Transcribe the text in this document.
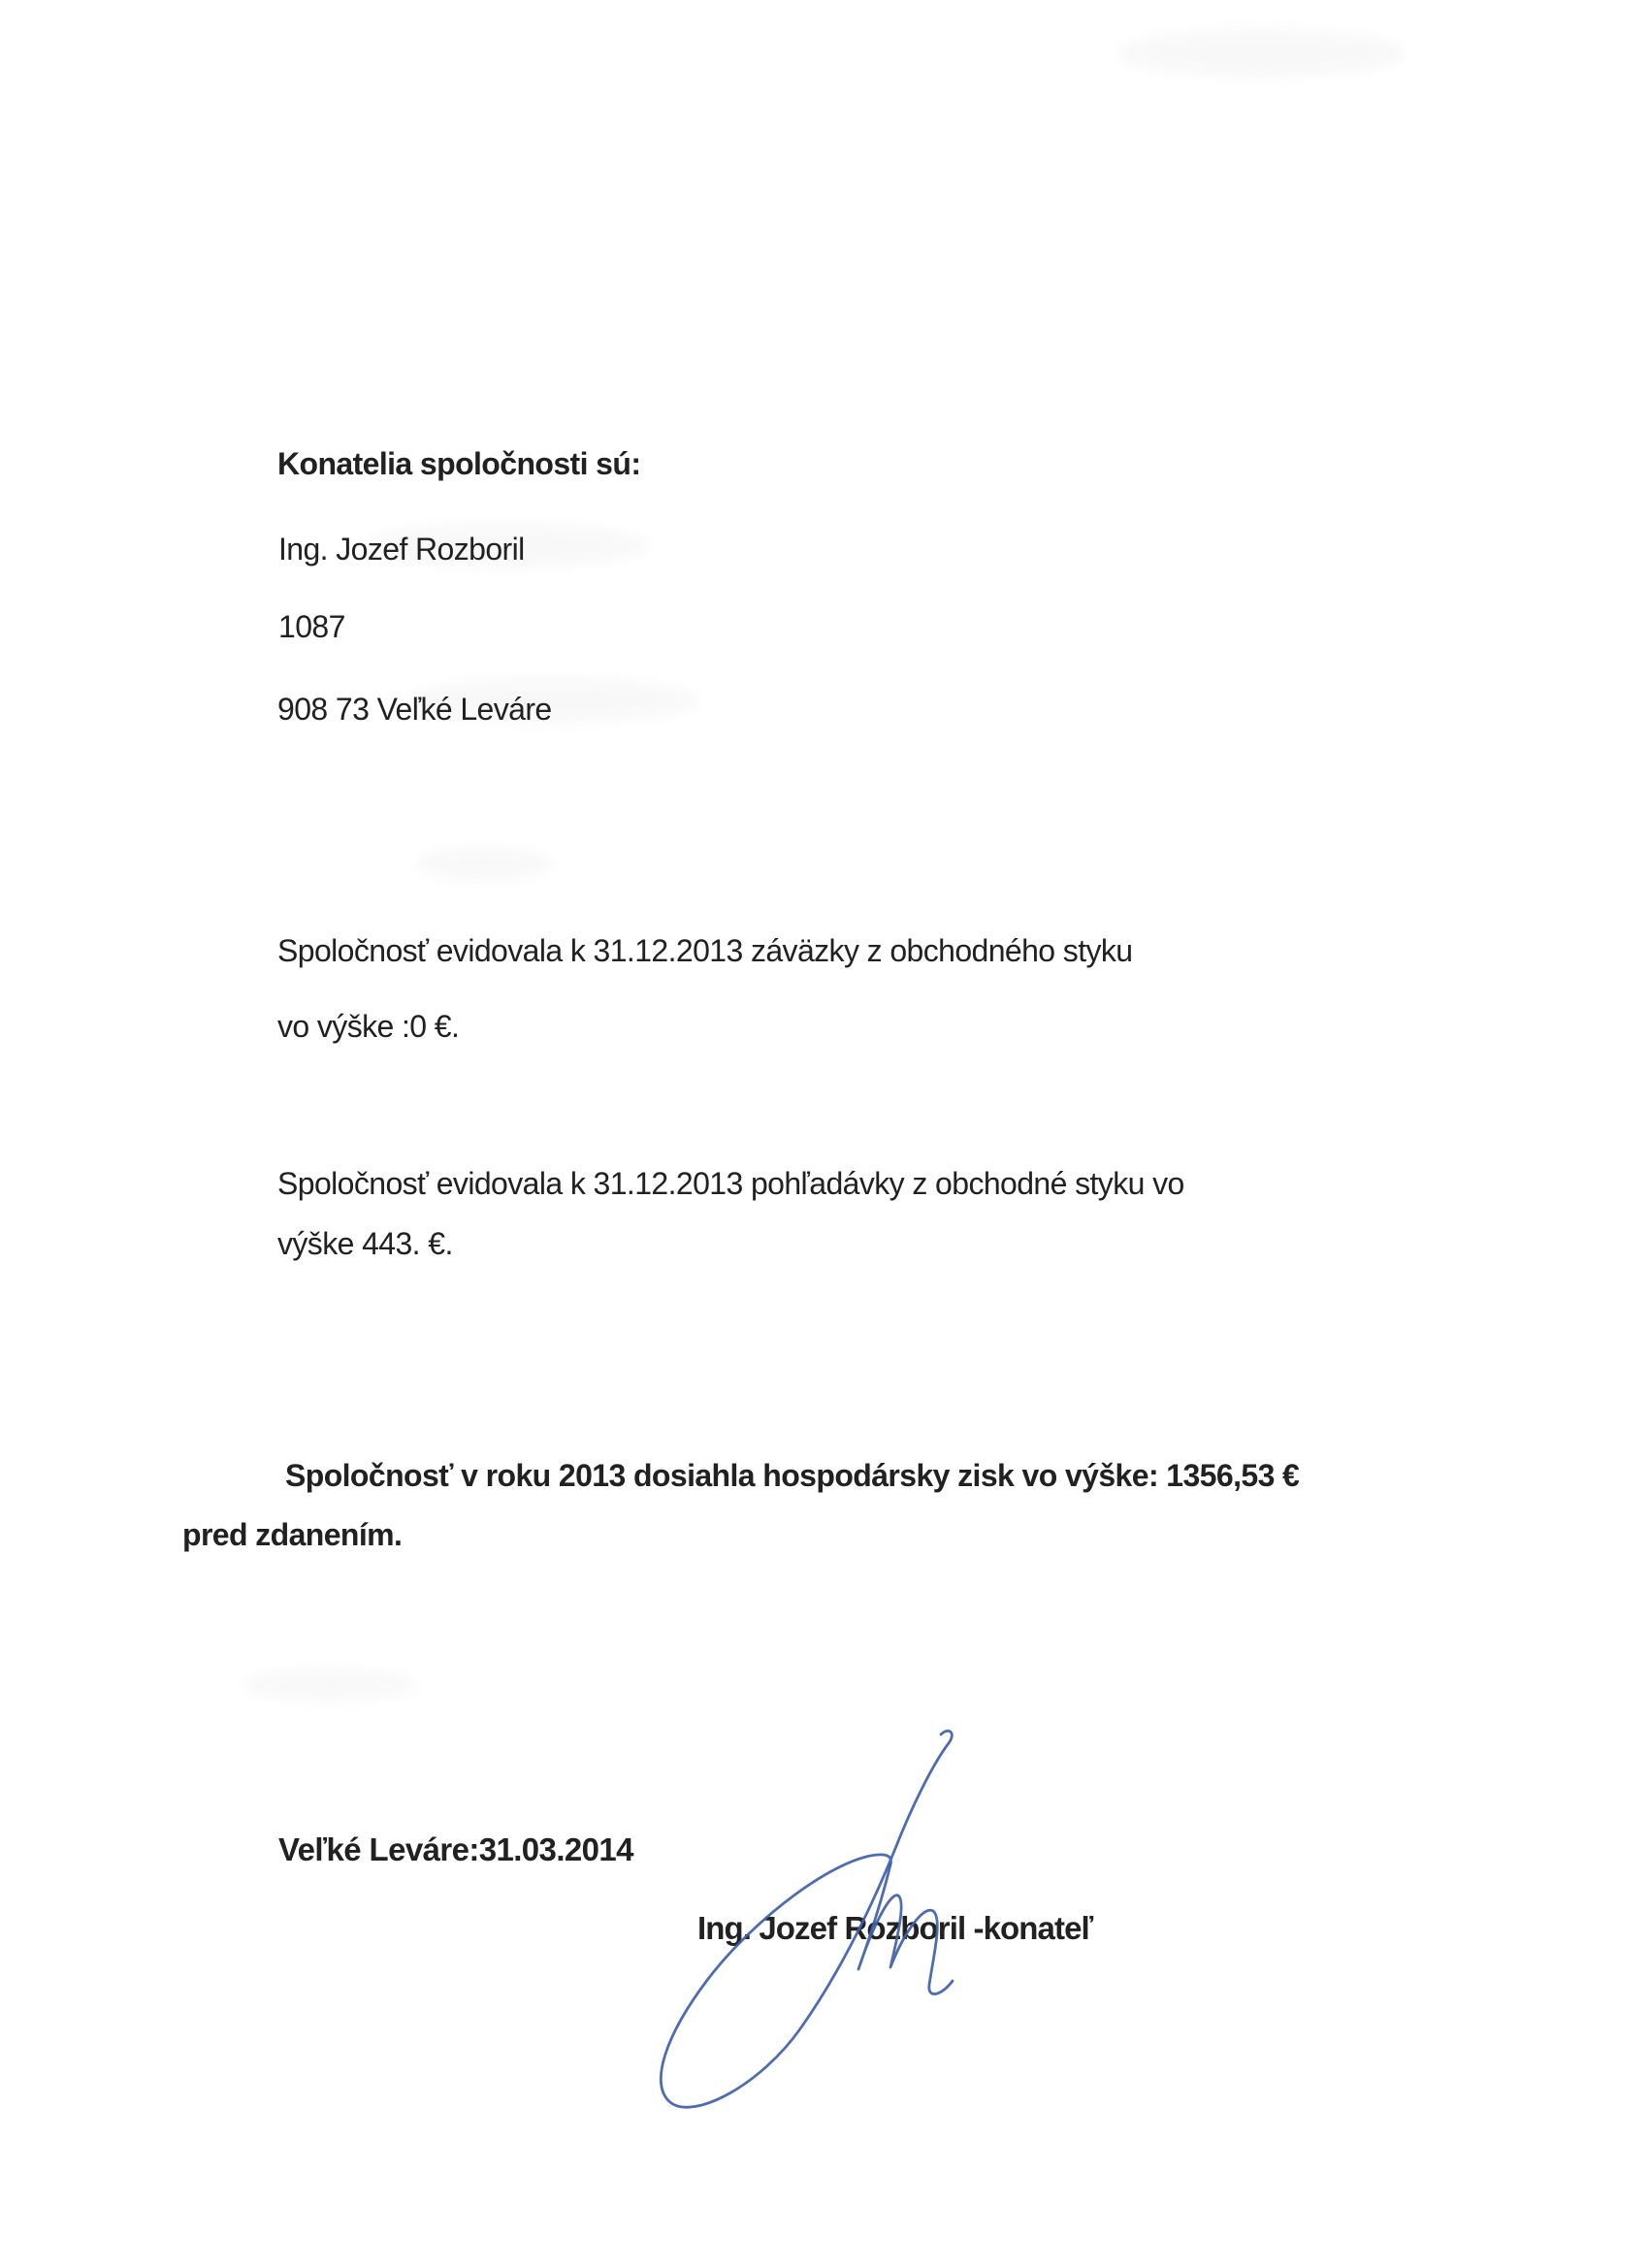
Konatelia spoločnosti sú:
Ing. Jozef Rozboril
1087
908 73 Veľké Leváre
Spoločnosť evidovala k 31.12.2013 záväzky z obchodného styku
vo výške :0 €.
Spoločnosť evidovala k 31.12.2013 pohľadávky z obchodné styku vo
výške 443. €.
Spoločnosť v roku 2013 dosiahla hospodársky zisk vo výške: 1356,53 €
pred zdanením.
Veľké Leváre:31.03.2014
Ing. Jozef Rozboril -konateľ
